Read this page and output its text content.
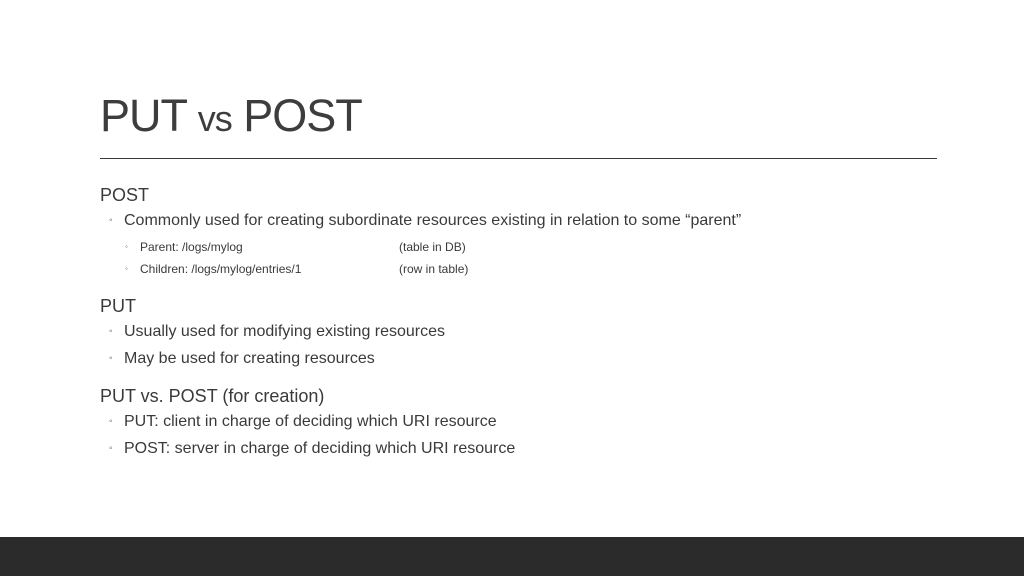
PUT vs POST
POST
◦ Commonly used for creating subordinate resources existing in relation to some “parent”
◦ Parent: /logs/mylog	(table in DB)
◦ Children: /logs/mylog/entries/1	(row in table)
PUT
◦ Usually used for modifying existing resources
◦ May be used for creating resources
PUT vs. POST (for creation)
◦ PUT: client in charge of deciding which URI resource
◦ POST: server in charge of deciding which URI resource
